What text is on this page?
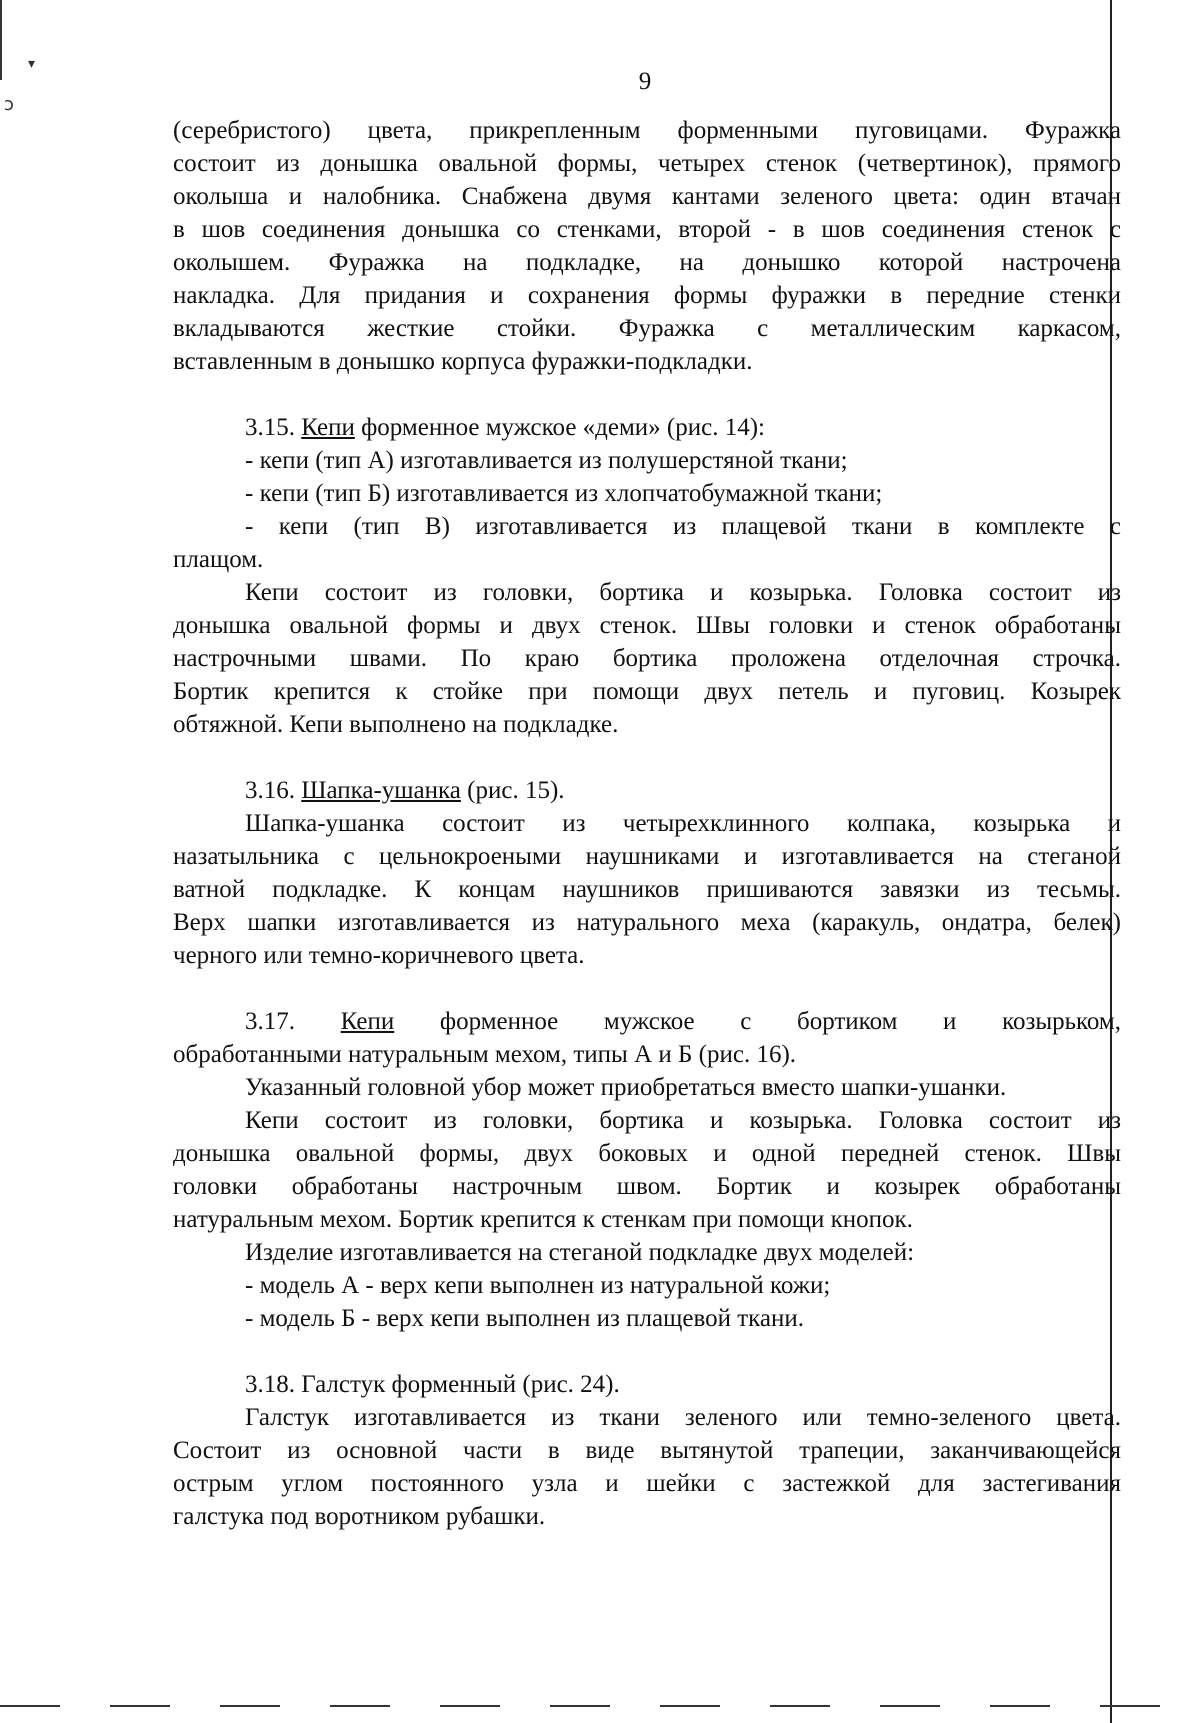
▾
ↄ
9
(серебристого) цвета, прикрепленным форменными пуговицами. Фуражка
состоит из донышка овальной формы, четырех стенок (четвертинок), прямого
околыша и налобника. Снабжена двумя кантами зеленого цвета: один втачан
в шов соединения донышка со стенками, второй - в шов соединения стенок с
околышем. Фуражка на подкладке, на донышко которой настрочена
накладка. Для придания и сохранения формы фуражки в передние стенки
вкладываются жесткие стойки. Фуражка с металлическим каркасом,
вставленным в донышко корпуса фуражки-подкладки.
3.15. Кепи форменное мужское «деми» (рис. 14):
- кепи (тип А) изготавливается из полушерстяной ткани;
- кепи (тип Б) изготавливается из хлопчатобумажной ткани;
- кепи (тип В) изготавливается из плащевой ткани в комплекте с
плащом.
Кепи состоит из головки, бортика и козырька. Головка состоит из
донышка овальной формы и двух стенок. Швы головки и стенок обработаны
настрочными швами. По краю бортика проложена отделочная строчка.
Бортик крепится к стойке при помощи двух петель и пуговиц. Козырек
обтяжной. Кепи выполнено на подкладке.
3.16. Шапка-ушанка (рис. 15).
Шапка-ушанка состоит из четырехклинного колпака, козырька и
назатыльника с цельнокроеными наушниками и изготавливается на стеганой
ватной подкладке. К концам наушников пришиваются завязки из тесьмы.
Верх шапки изготавливается из натурального меха (каракуль, ондатра, белек)
черного или темно-коричневого цвета.
3.17. Кепи форменное мужское с бортиком и козырьком,
обработанными натуральным мехом, типы А и Б (рис. 16).
Указанный головной убор может приобретаться вместо шапки-ушанки.
Кепи состоит из головки, бортика и козырька. Головка состоит из
донышка овальной формы, двух боковых и одной передней стенок. Швы
головки обработаны настрочным швом. Бортик и козырек обработаны
натуральным мехом. Бортик крепится к стенкам при помощи кнопок.
Изделие изготавливается на стеганой подкладке двух моделей:
- модель А - верх кепи выполнен из натуральной кожи;
- модель Б - верх кепи выполнен из плащевой ткани.
3.18. Галстук форменный (рис. 24).
Галстук изготавливается из ткани зеленого или темно-зеленого цвета.
Состоит из основной части в виде вытянутой трапеции, заканчивающейся
острым углом постоянного узла и шейки с застежкой для застегивания
галстука под воротником рубашки.
